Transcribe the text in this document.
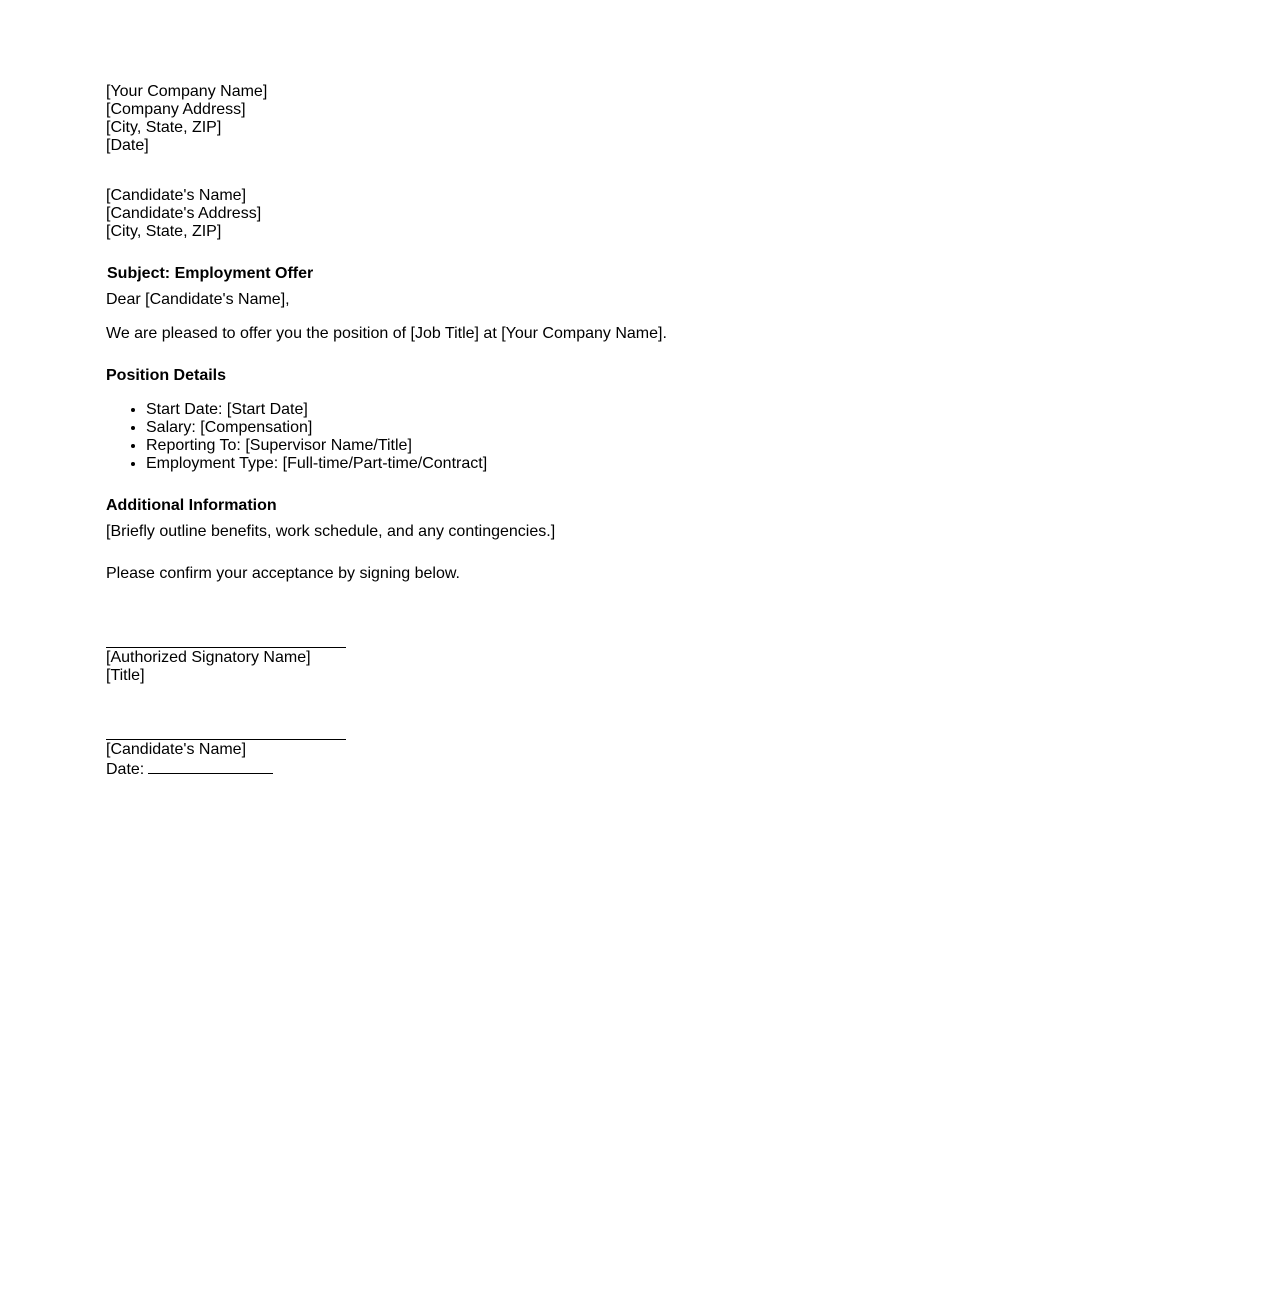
[Your Company Name]
[Company Address]
[City, State, ZIP]
[Date]
[Candidate's Name]
[Candidate's Address]
[City, State, ZIP]
Subject: Employment Offer
Dear [Candidate's Name],
We are pleased to offer you the position of [Job Title] at [Your Company Name].
Position Details
• Start Date: [Start Date]
• Salary: [Compensation]
• Reporting To: [Supervisor Name/Title]
• Employment Type: [Full-time/Part-time/Contract]
Additional Information
[Briefly outline benefits, work schedule, and any contingencies.]
Please confirm your acceptance by signing below.
[Authorized Signatory Name]
[Title]
[Candidate's Name]
Date:
